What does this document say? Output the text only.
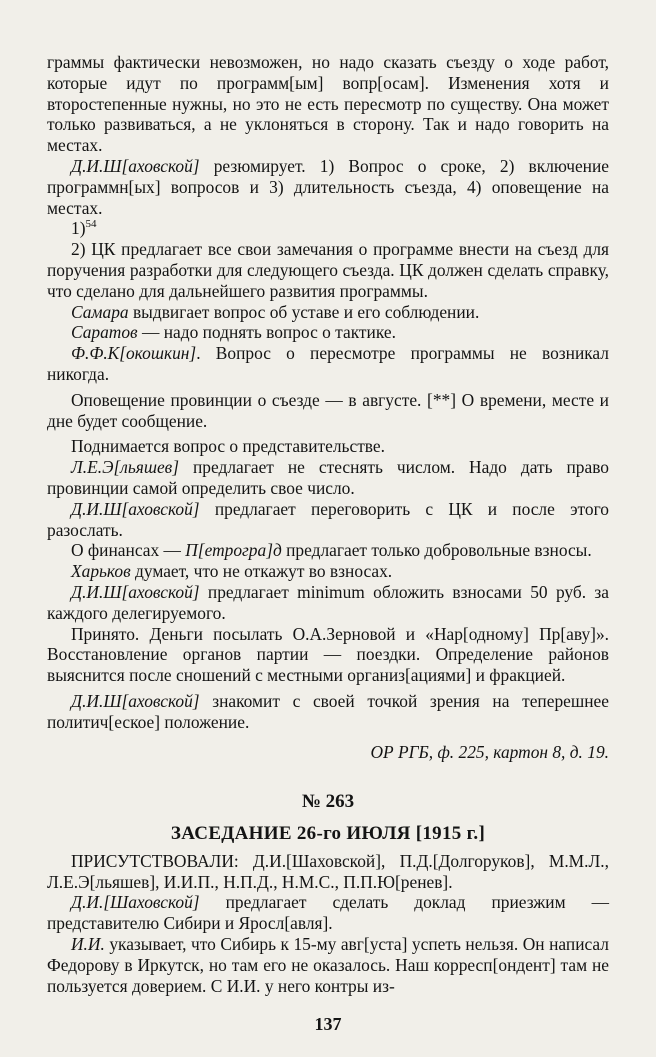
граммы фактически невозможен, но надо сказать съезду о ходе работ, которые идут по программ[ым] вопр[осам]. Изменения хотя и второстепенные нужны, но это не есть пересмотр по существу. Она может только развиваться, а не уклоняться в сторону. Так и надо говорить на местах.

Д.И.Ш[аховской] резюмирует. 1) Вопрос о сроке, 2) включение программн[ых] вопросов и 3) длительность съезда, 4) оповещение на местах.

1)$^{54}$

2) ЦК предлагает все свои замечания о программе внести на съезд для поручения разработки для следующего съезда. ЦК должен сделать справку, что сделано для дальнейшего развития программы.

Самара выдвигает вопрос об уставе и его соблюдении.

Саратов — надо поднять вопрос о тактике.

Ф.Ф.К[окошкин]. Вопрос о пересмотре программы не возникал никогда.

Оповещение провинции о съезде — в августе. [**] О времени, месте и дне будет сообщение.

Поднимается вопрос о представительстве.

Л.Е.Э[льяшев] предлагает не стеснять числом. Надо дать право провинции самой определить свое число.

Д.И.Ш[аховской] предлагает переговорить с ЦК и после этого разослать.

О финансах — П[етрогра]д предлагает только добровольные взносы.

Харьков думает, что не откажут во взносах.

Д.И.Ш[аховской] предлагает minimum обложить взносами 50 руб. за каждого делегируемого.

Принято. Деньги посылать О.А.Зерновой и «Нар[одному] Пр[аву]». Восстановление органов партии — поездки. Определение районов выяснится после сношений с местными организ[ациями] и фракцией.

Д.И.Ш[аховской] знакомит с своей точкой зрения на теперешнее политич[еское] положение.

ОР РГБ, ф. 225, картон 8, д. 19.

№ 263

ЗАСЕДАНИЕ 26-го ИЮЛЯ [1915 г.]

ПРИСУТСТВОВАЛИ: Д.И.[Шаховской], П.Д.[Долгоруков], М.М.Л., Л.Е.Э[льяшев], И.И.П., Н.П.Д., Н.М.С., П.П.Ю[ренев].

Д.И.[Шаховской] предлагает сделать доклад приезжим — представителю Сибири и Яросл[авля].

И.И. указывает, что Сибирь к 15-му авг[уста] успеть нельзя. Он написал Федорову в Иркутск, но там его не оказалось. Наш корресп[ондент] там не пользуется доверием. С И.И. у него контры из-

137
